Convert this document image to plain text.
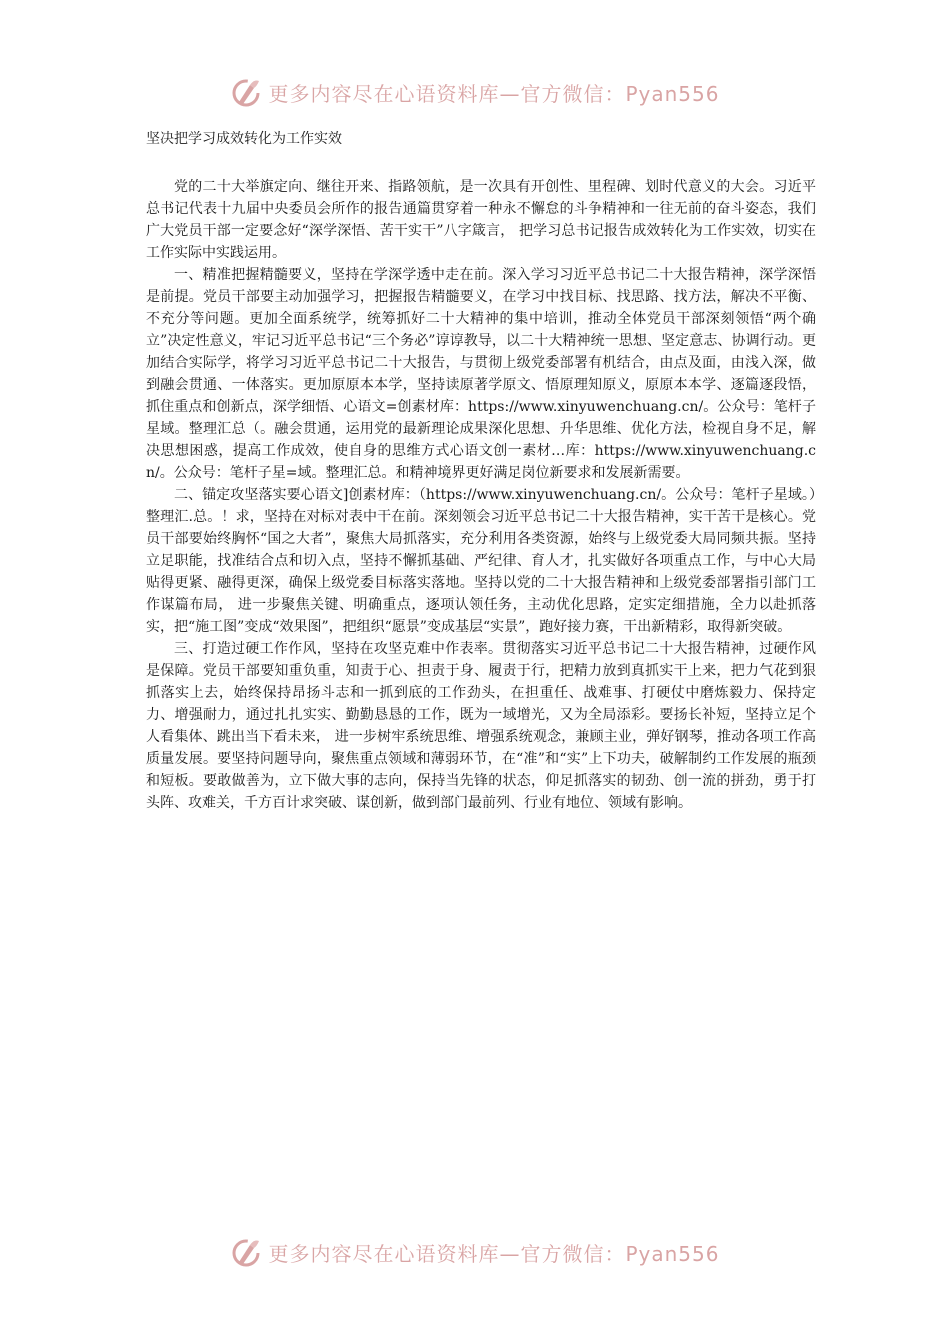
更多内容尽在心语资料库—官方微信：Pyan556
坚决把学习成效转化为工作实效

党的二十大举旗定向、继往开来、指路领航，是一次具有开创性、里程碑、划时代意义的大会。习近平总书记代表十九届中央委员会所作的报告通篇贯穿着一种永不懈怠的斗争精神和一往无前的奋斗姿态，我们广大党员干部一定要念好“深学深悟、苦干实干”八字箴言， 把学习总书记报告成效转化为工作实效，切实在工作实际中实践运用。

一、精准把握精髓要义，坚持在学深学透中走在前。深入学习习近平总书记二十大报告精神，深学深悟是前提。党员干部要主动加强学习，把握报告精髓要义，在学习中找目标、找思路、找方法，解决不平衡、不充分等问题。更加全面系统学，统筹抓好二十大精神的集中培训，推动全体党员干部深刻领悟“两个确立”决定性意义，牢记习近平总书记“三个务必”谆谆教导，以二十大精神统一思想、坚定意志、协调行动。更加结合实际学，将学习习近平总书记二十大报告，与贯彻上级党委部署有机结合，由点及面，由浅入深，做到融会贯通、一体落实。更加原原本本学，坚持读原著学原文、悟原理知原义，原原本本学、逐篇逐段悟，抓住重点和创新点，深学细悟、心语文=创素材库：https://www.xinyuwenchuang.cn/。公众号：笔杆子星域。整理汇总（。融会贯通，运用党的最新理论成果深化思想、升华思维、优化方法，检视自身不足，解决思想困惑，提高工作成效，使自身的思维方式心语文创一素材…库：https://www.xinyuwenchuang.cn/。公众号：笔杆子星=域。整理汇总。和精神境界更好满足岗位新要求和发展新需要。

二、锚定攻坚落实要心语文]创素材库：（https://www.xinyuwenchuang.cn/。公众号：笔杆子星域。）整理汇.总。！求，坚持在对标对表中干在前。深刻领会习近平总书记二十大报告精神，实干苦干是核心。党员干部要始终胸怀“国之大者”，聚焦大局抓落实，充分利用各类资源，始终与上级党委大局同频共振。坚持立足职能，找准结合点和切入点，坚持不懈抓基础、严纪律、育人才，扎实做好各项重点工作，与中心大局贴得更紧、融得更深，确保上级党委目标落实落地。坚持以党的二十大报告精神和上级党委部署指引部门工作谋篇布局， 进一步聚焦关键、明确重点，逐项认领任务，主动优化思路，定实定细措施，全力以赴抓落实，把“施工图”变成“效果图”，把组织“愿景”变成基层“实景”，跑好接力赛，干出新精彩，取得新突破。

三、打造过硬工作作风，坚持在攻坚克难中作表率。贯彻落实习近平总书记二十大报告精神，过硬作风是保障。党员干部要知重负重，知责于心、担责于身、履责于行，把精力放到真抓实干上来，把力气花到狠抓落实上去，始终保持昂扬斗志和一抓到底的工作劲头，在担重任、战难事、打硬仗中磨炼毅力、保持定力、增强耐力，通过扎扎实实、勤勤恳恳的工作，既为一域增光，又为全局添彩。要扬长补短，坚持立足个人看集体、跳出当下看未来， 进一步树牢系统思维、增强系统观念，兼顾主业，弹好钢琴，推动各项工作高质量发展。要坚持问题导向，聚焦重点领域和薄弱环节，在“准”和“实”上下功夫，破解制约工作发展的瓶颈和短板。要敢做善为，立下做大事的志向，保持当先锋的状态，仰足抓落实的韧劲、创一流的拼劲，勇于打头阵、攻难关，千方百计求突破、谋创新，做到部门最前列、行业有地位、领域有影响。

更多内容尽在心语资料库—官方微信：Pyan556
